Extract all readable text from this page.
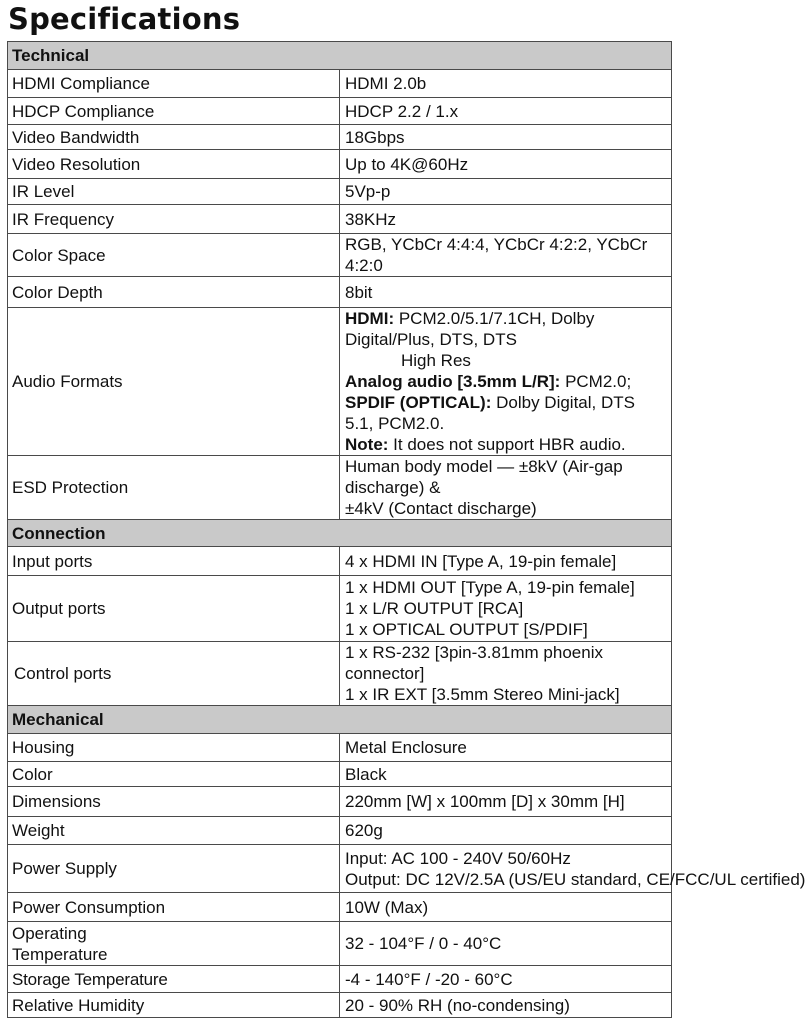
Specifications
Technical	
HDMI Compliance	HDMI 2.0b
HDCP Compliance	HDCP 2.2 / 1.x
Video Bandwidth	18Gbps
Video Resolution	Up to 4K@60Hz
IR Level	5Vp-p
IR Frequency	38KHz
Color Space	RGB, YCbCr 4:4:4, YCbCr 4:2:2, YCbCr 4:2:0
Color Depth	8bit
Audio Formats	HDMI: PCM2.0/5.1/7.1CH, Dolby Digital/Plus, DTS, DTS
High Res
Analog audio [3.5mm L/R]: PCM2.0;
SPDIF (OPTICAL): Dolby Digital, DTS 5.1, PCM2.0.
Note: It does not support HBR audio.

ESD Protection	Human body model — ±8kV (Air-gap discharge) &
±4kV (Contact discharge)

Connection	
Input ports	4 x HDMI IN [Type A, 19-pin female]
Output ports	1 x HDMI OUT [Type A, 19-pin female]
1 x L/R OUTPUT [RCA]
1 x OPTICAL OUTPUT [S/PDIF]

Control ports	1 x RS-232 [3pin-3.81mm phoenix connector]
1 x IR EXT [3.5mm Stereo Mini-jack]

Mechanical	
Housing	Metal Enclosure
Color	Black
Dimensions	220mm [W] x 100mm [D] x 30mm [H]
Weight	620g
Power Supply	Input: AC 100 - 240V 50/60Hz
Output: DC 12V/2.5A (US/EU standard, CE/FCC/UL certified)

Power Consumption	10W (Max)

Operating
Temperature	32 - 104°F / 0 - 40°C
Storage Temperature	-4 - 140°F / -20 - 60°C
Relative Humidity	20 - 90% RH (no-condensing)
